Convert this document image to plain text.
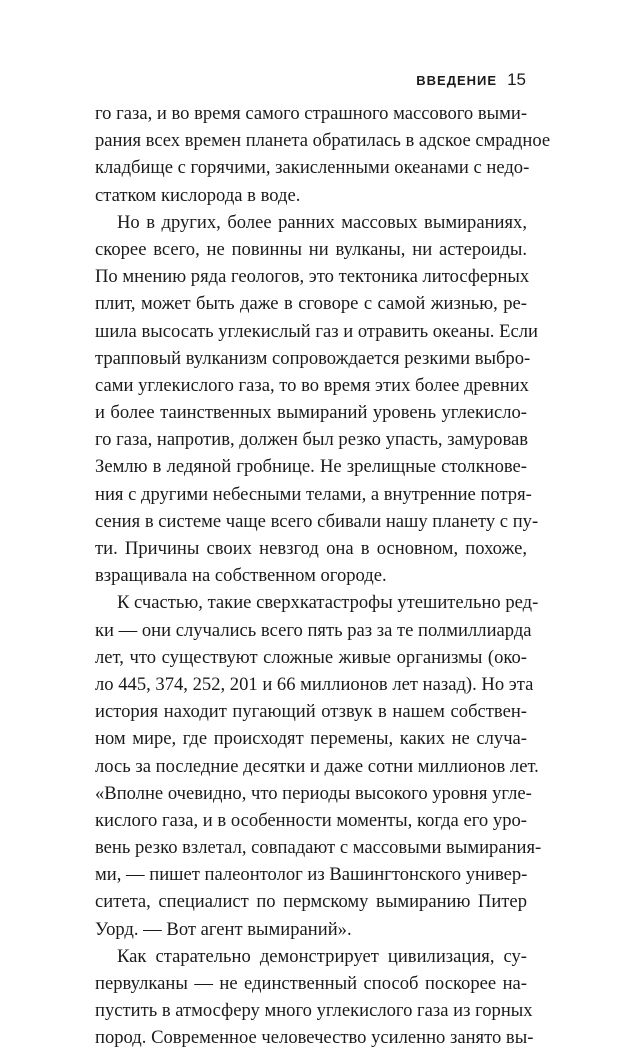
ВВЕДЕНИЕ 15
го газа, и во время самого страшного массового выми-
рания всех времен планета обратилась в адское смрадное
кладбище с горячими, закисленными океанами с недо-
статком кислорода в воде.
Но в других, более ранних массовых вымираниях,
скорее всего, не повинны ни вулканы, ни астероиды.
По мнению ряда геологов, это тектоника литосферных
плит, может быть даже в сговоре с самой жизнью, ре-
шила высосать углекислый газ и отравить океаны. Если
трапповый вулканизм сопровождается резкими выбро-
сами углекислого газа, то во время этих более древних
и более таинственных вымираний уровень углекисло-
го газа, напротив, должен был резко упасть, замуровав
Землю в ледяной гробнице. Не зрелищные столкнове-
ния с другими небесными телами, а внутренние потря-
сения в системе чаще всего сбивали нашу планету с пу-
ти. Причины своих невзгод она в основном, похоже,
взращивала на собственном огороде.
К счастью, такие сверхкатастрофы утешительно ред-
ки — они случались всего пять раз за те полмиллиарда
лет, что существуют сложные живые организмы (око-
ло 445, 374, 252, 201 и 66 миллионов лет назад). Но эта
история находит пугающий отзвук в нашем собствен-
ном мире, где происходят перемены, каких не случа-
лось за последние десятки и даже сотни миллионов лет.
«Вполне очевидно, что периоды высокого уровня угле-
кислого газа, и в особенности моменты, когда его уро-
вень резко взлетал, совпадают с массовыми вымирания-
ми, — пишет палеонтолог из Вашингтонского универ-
ситета, специалист по пермскому вымиранию Питер
Уорд. — Вот агент вымираний».
Как старательно демонстрирует цивилизация, су-
первулканы — не единственный способ поскорее на-
пустить в атмосферу много углекислого газа из горных
пород. Современное человечество усиленно занято вы-
